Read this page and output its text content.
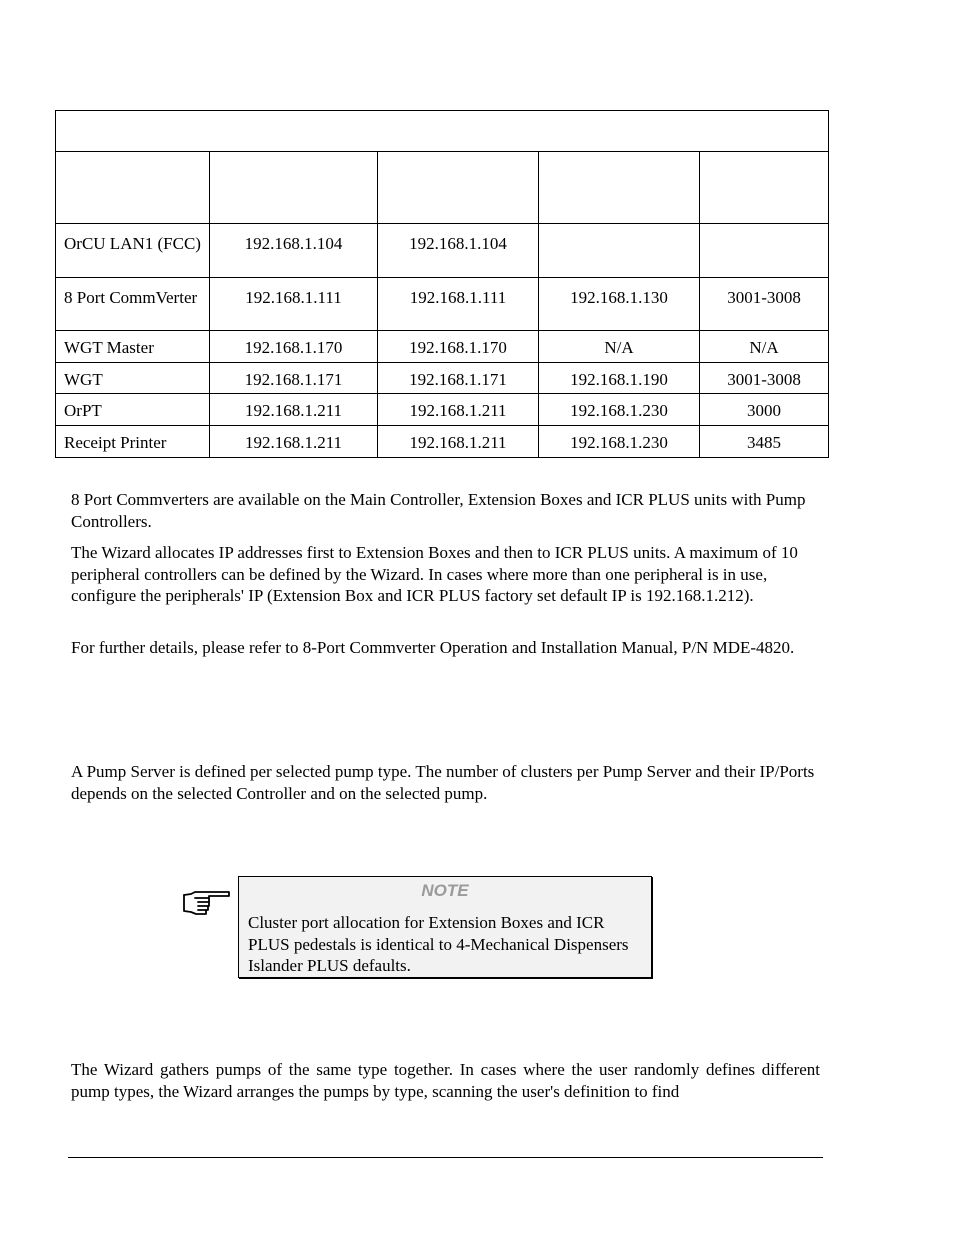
OrCU LAN1 (FCC)	192.168.1.104	192.168.1.104		
8 Port CommVerter	192.168.1.111	192.168.1.111	192.168.1.130	3001-3008
WGT Master	192.168.1.170	192.168.1.170	N/A	N/A
WGT	192.168.1.171	192.168.1.171	192.168.1.190	3001-3008
OrPT	192.168.1.211	192.168.1.211	192.168.1.230	3000
Receipt Printer	192.168.1.211	192.168.1.211	192.168.1.230	3485

8 Port Commverters are available on the Main Controller, Extension Boxes and ICR PLUS units with Pump Controllers.

The Wizard allocates IP addresses first to Extension Boxes and then to ICR PLUS units. A maximum of 10 peripheral controllers can be defined by the Wizard. In cases where more than one peripheral is in use, configure the peripherals' IP (Extension Box and ICR PLUS factory set default IP is 192.168.1.212).

For further details, please refer to 8-Port Commverter Operation and Installation Manual, P/N MDE-4820.

A Pump Server is defined per selected pump type. The number of clusters per Pump Server and their IP/Ports depends on the selected Controller and on the selected pump.

NOTE
Cluster port allocation for Extension Boxes and ICR PLUS pedestals is identical to 4-Mechanical Dispensers Islander PLUS defaults.

The Wizard gathers pumps of the same type together. In cases where the user randomly defines different pump types, the Wizard arranges the pumps by type, scanning the user's definition to find
